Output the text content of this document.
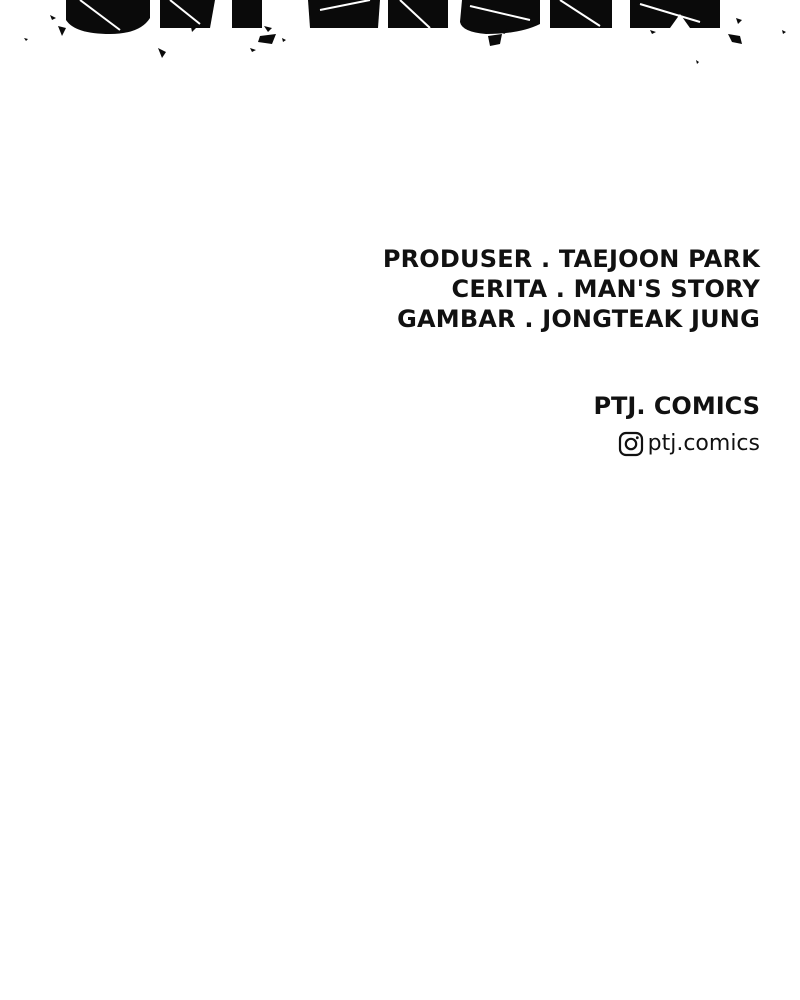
PRODUSER . TAEJOON PARK
CERITA . MAN'S STORY
GAMBAR . JONGTEAK JUNG
PTJ. COMICS
ptj.comics
